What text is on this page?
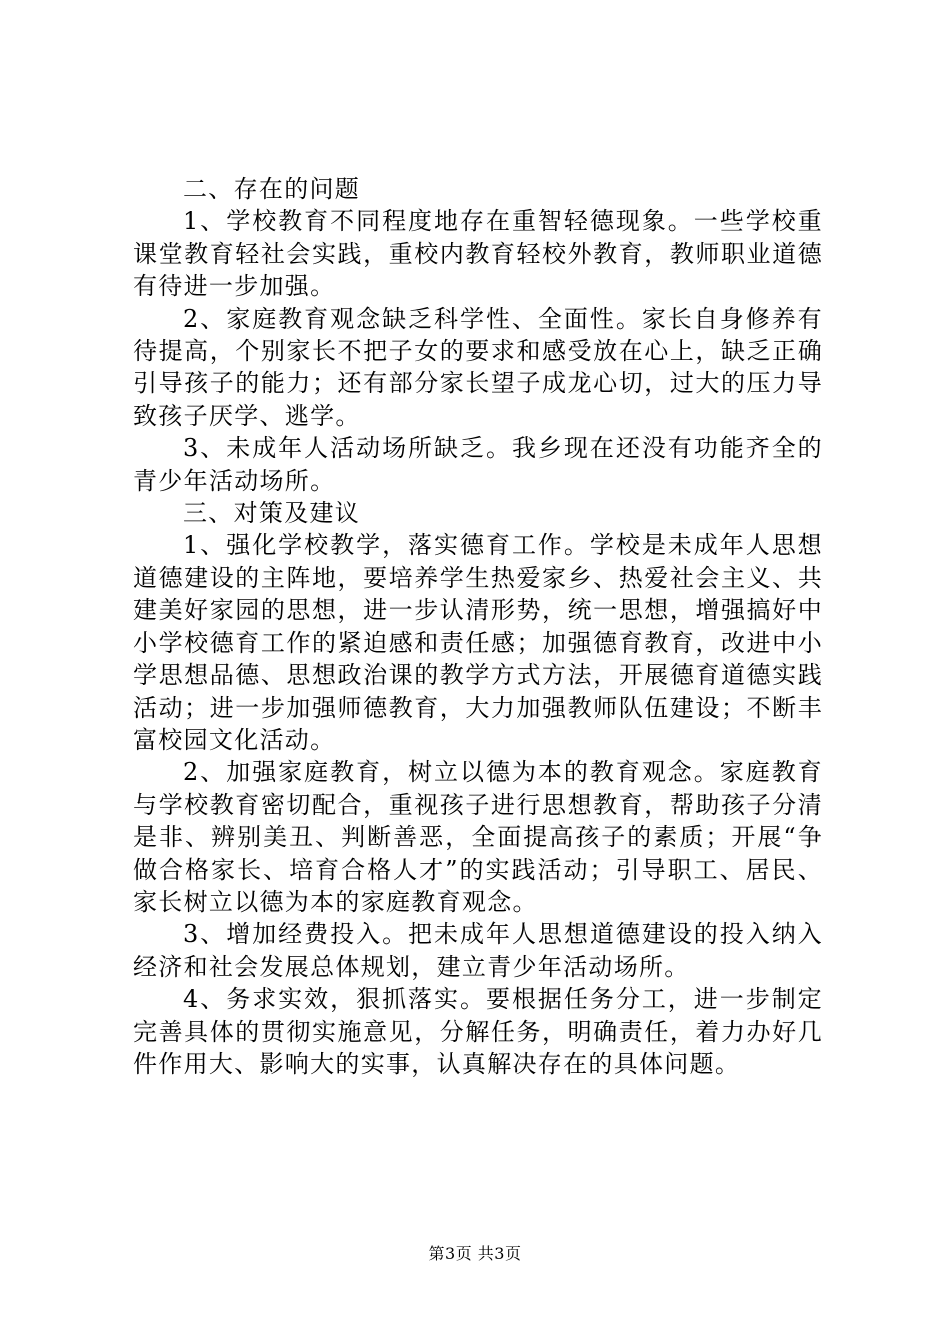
二、存在的问题

1、学校教育不同程度地存在重智轻德现象。一些学校重课堂教育轻社会实践，重校内教育轻校外教育，教师职业道德有待进一步加强。

2、家庭教育观念缺乏科学性、全面性。家长自身修养有待提高，个别家长不把子女的要求和感受放在心上，缺乏正确引导孩子的能力；还有部分家长望子成龙心切，过大的压力导致孩子厌学、逃学。

3、未成年人活动场所缺乏。我乡现在还没有功能齐全的青少年活动场所。

三、对策及建议

1、强化学校教学，落实德育工作。学校是未成年人思想道德建设的主阵地，要培养学生热爱家乡、热爱社会主义、共建美好家园的思想，进一步认清形势，统一思想，增强搞好中小学校德育工作的紧迫感和责任感；加强德育教育，改进中小学思想品德、思想政治课的教学方式方法，开展德育道德实践活动；进一步加强师德教育，大力加强教师队伍建设；不断丰富校园文化活动。

2、加强家庭教育，树立以德为本的教育观念。家庭教育与学校教育密切配合，重视孩子进行思想教育，帮助孩子分清是非、辨别美丑、判断善恶，全面提高孩子的素质；开展“争做合格家长、培育合格人才”的实践活动；引导职工、居民、家长树立以德为本的家庭教育观念。

3、增加经费投入。把未成年人思想道德建设的投入纳入经济和社会发展总体规划，建立青少年活动场所。

4、务求实效，狠抓落实。要根据任务分工，进一步制定完善具体的贯彻实施意见，分解任务，明确责任，着力办好几件作用大、影响大的实事，认真解决存在的具体问题。

第3页 共3页
